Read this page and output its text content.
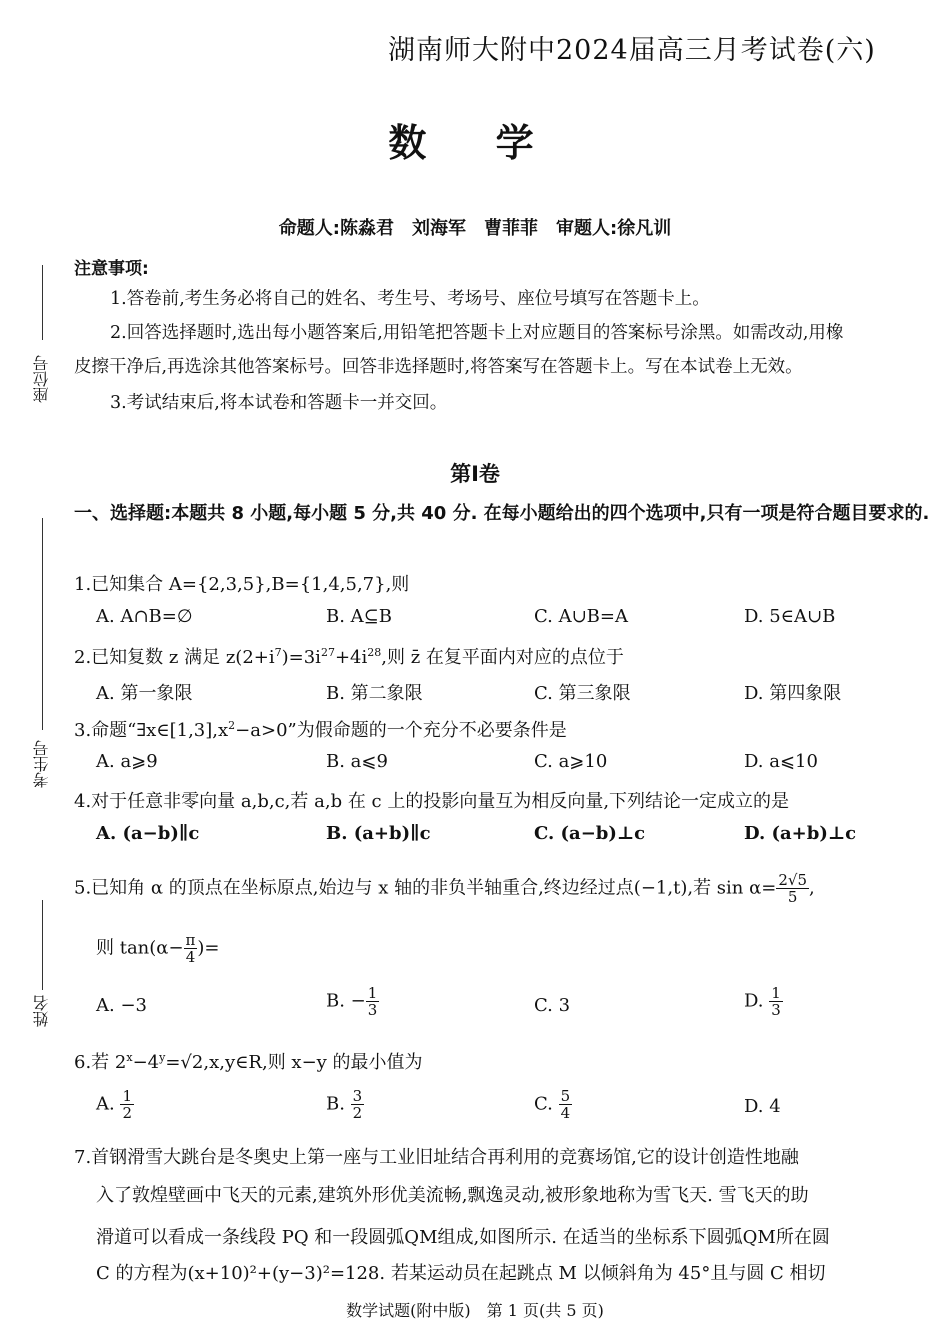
湖南师大附中2024届高三月考试卷(六)
数 学
命题人:陈淼君　刘海军　曹菲菲　审题人:徐凡训
座位号
考生号
姓名
注意事项:
1.答卷前,考生务必将自己的姓名、考生号、考场号、座位号填写在答题卡上。
2.回答选择题时,选出每小题答案后,用铅笔把答题卡上对应题目的答案标号涂黑。如需改动,用橡
皮擦干净后,再选涂其他答案标号。回答非选择题时,将答案写在答题卡上。写在本试卷上无效。
3.考试结束后,将本试卷和答题卡一并交回。
第Ⅰ卷
一、选择题:本题共 8 小题,每小题 5 分,共 40 分. 在每小题给出的四个选项中,只有一项是符合题目要求的.
1.已知集合 A={2,3,5},B={1,4,5,7},则
A. A∩B=∅	B. A⊆B	C. A∪B=A	D. 5∈A∪B
2.已知复数 z 满足 $z(2+i^7)=3i^{27}+4i^{28}$,则 z̄ 在复平面内对应的点位于
A. 第一象限	B. 第二象限	C. 第三象限	D. 第四象限
3.命题“$\exists x\in[1,3],x^2-a>0$”为假命题的一个充分不必要条件是
A. a⩾9	B. a⩽9	C. a⩾10	D. a⩽10
4.对于任意非零向量 a,b,c,若 a,b 在 c 上的投影向量互为相反向量,下列结论一定成立的是
A. (a−b)∥c	B. (a+b)∥c	C. (a−b)⊥c	D. (a+b)⊥c
5.已知角 α 的顶点在坐标原点,始边与 x 轴的非负半轴重合,终边经过点(−1,t),若 $\sin \alpha= \frac{2√5}{5}$ ,
则 $\tan(\alpha- \frac{\pi}{4}$ )=
A. −3	B. − $\frac{1}{3}$	C. 3	D. $\frac{1}{3}$
6.若 $2^x-4^y=√2,x,y\in R$,则 x−y 的最小值为
A. $\frac{1}{2}$	B. $\frac{3}{2}$	C. $\frac{5}{4}$	D. 4
7.首钢滑雪大跳台是冬奥史上第一座与工业旧址结合再利用的竞赛场馆,它的设计创造性地融
入了敦煌壁画中飞天的元素,建筑外形优美流畅,飘逸灵动,被形象地称为雪飞天. 雪飞天的助
滑道可以看成一条线段 PQ 和一段圆弧QM组成,如图所示. 在适当的坐标系下圆弧QM所在圆
C 的方程为(x+10)²+(y−3)²=128. 若某运动员在起跳点 M 以倾斜角为 45°且与圆 C 相切
数学试题(附中版)　第 1 页(共 5 页)
